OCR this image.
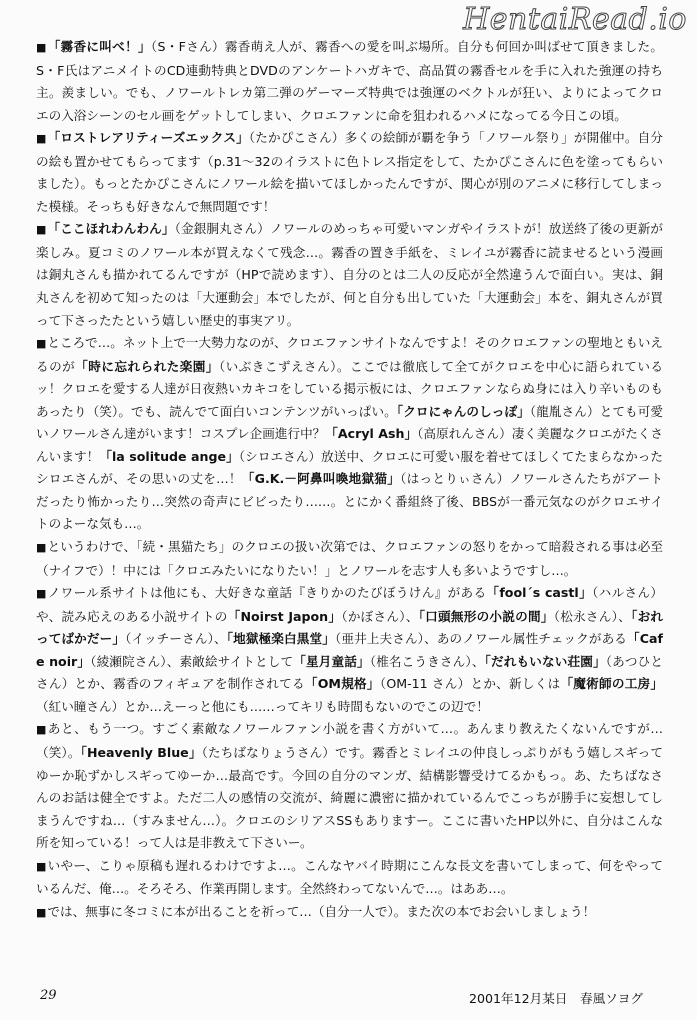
HentaiRead.io

■「霧香に叫べ！」（S・Fさん）霧香萌え人が、霧香への愛を叫ぶ場所。自分も何回か叫ばせて頂きました。S・F氏はアニメイトのCD連動特典とDVDのアンケートハガキで、高品質の霧香セルを手に入れた強運の持ち主。羨ましい。でも、ノワールトレカ第二弾のゲーマーズ特典では強運のベクトルが狂い、よりによってクロエの入浴シーンのセル画をゲットしてしまい、クロエファンに命を狙われるハメになってる今日この頃。

■「ロストレアリティーズエックス」（たかぴこさん）多くの絵師が覇を争う「ノワール祭り」が開催中。自分の絵も置かせてもらってます（p.31〜32のイラストに色トレス指定をして、たかぴこさんに色を塗ってもらいました）。もっとたかぴこさんにノワール絵を描いてほしかったんですが、関心が別のアニメに移行してしまった模様。そっちも好きなんで無問題です！

■「ここほれわんわん」（金銀胴丸さん）ノワールのめっちゃ可愛いマンガやイラストが！放送終了後の更新が楽しみ。夏コミのノワール本が買えなくて残念…。霧香の置き手紙を、ミレイユが霧香に読ませるという漫画は銅丸さんも描かれてるんですが（HPで読めます）、自分のとは二人の反応が全然違うんで面白い。実は、銅丸さんを初めて知ったのは「大運動会」本でしたが、何と自分も出していた「大運動会」本を、銅丸さんが買って下さったたという嬉しい歴史的事実アリ。

■ところで…。ネット上で一大勢力なのが、クロエファンサイトなんですよ！そのクロエファンの聖地ともいえるのが「時に忘れられた楽園」（いぶきこずえさん）。ここでは徹底して全てがクロエを中心に語られているッ！クロエを愛する人達が日夜熱いカキコをしている掲示板には、クロエファンならぬ身には入り辛いものもあったり（笑）。でも、読んでて面白いコンテンツがいっぱい。「クロにゃんのしっぽ」（龍胤さん）とても可愛いノワールさん達がいます！コスプレ企画進行中？「Acryl Ash」（高原れんさん）凄く美麗なクロエがたくさんいます！「la solitude ange」（シロエさん）放送中、クロエに可愛い服を着せてほしくてたまらなかったシロエさんが、その思いの丈を…！「G.K.－阿鼻叫喚地獄猫」（はっとりぃさん）ノワールさんたちがアートだったり怖かったり…突然の奇声にビビったり……。とにかく番組終了後、BBSが一番元気なのがクロエサイトのよーな気も…。

■というわけで、「続・黒猫たち」のクロエの扱い次第では、クロエファンの怒りをかって暗殺される事は必至（ナイフで）！中には「クロエみたいになりたい！」とノワールを志す人も多いようですし…。

■ノワール系サイトは他にも、大好きな童話『きりかのたびぼうけん』がある「fool´s castl」（ハルさん）や、読み応えのある小説サイトの「Noirst Japon」（かぼさん）、「口頭無形の小説の間」（松永さん）、「おれってばかだー」（イッチーさん）、「地獄極楽白黒堂」（亜井上夫さん）、あのノワール属性チェックがある「Cafe noir」（綾瀬院さん）、素敵絵サイトとして「星月童話」（椎名こうきさん）、「だれもいない荘園」（あつひとさん）とか、霧香のフィギュアを制作されてる「OM規格」（OM-11 さん）とか、新しくは「魔術師の工房」（紅い瞳さん）とか…えーっと他にも……ってキリも時間もないのでこの辺で！

■あと、もう一つ。すごく素敵なノワールファン小説を書く方がいて…。あんまり教えたくないんですが…（笑）。「Heavenly Blue」（たちばなりょうさん）です。霧香とミレイユの仲良しっぷりがもう嬉しスギってゆーか恥ずかしスギってゆーか…最高です。今回の自分のマンガ、結構影響受けてるかもっ。あ、たちばなさんのお話は健全ですよ。ただ二人の感情の交流が、綺麗に濃密に描かれているんでこっちが勝手に妄想してしまうんですね…（すみません…）。クロエのシリアスSSもありますー。ここに書いたHP以外に、自分はこんな所を知っている！って人は是非教えて下さいー。

■いやー、こりゃ原稿も遅れるわけですよ…。こんなヤバイ時期にこんな長文を書いてしまって、何をやっているんだ、俺…。そろそろ、作業再開します。全然終わってないんで…。はああ…。

■では、無事に冬コミに本が出ることを祈って…（自分一人で）。また次の本でお会いしましょう！

29	2001年12月某日　春風ソヨグ
